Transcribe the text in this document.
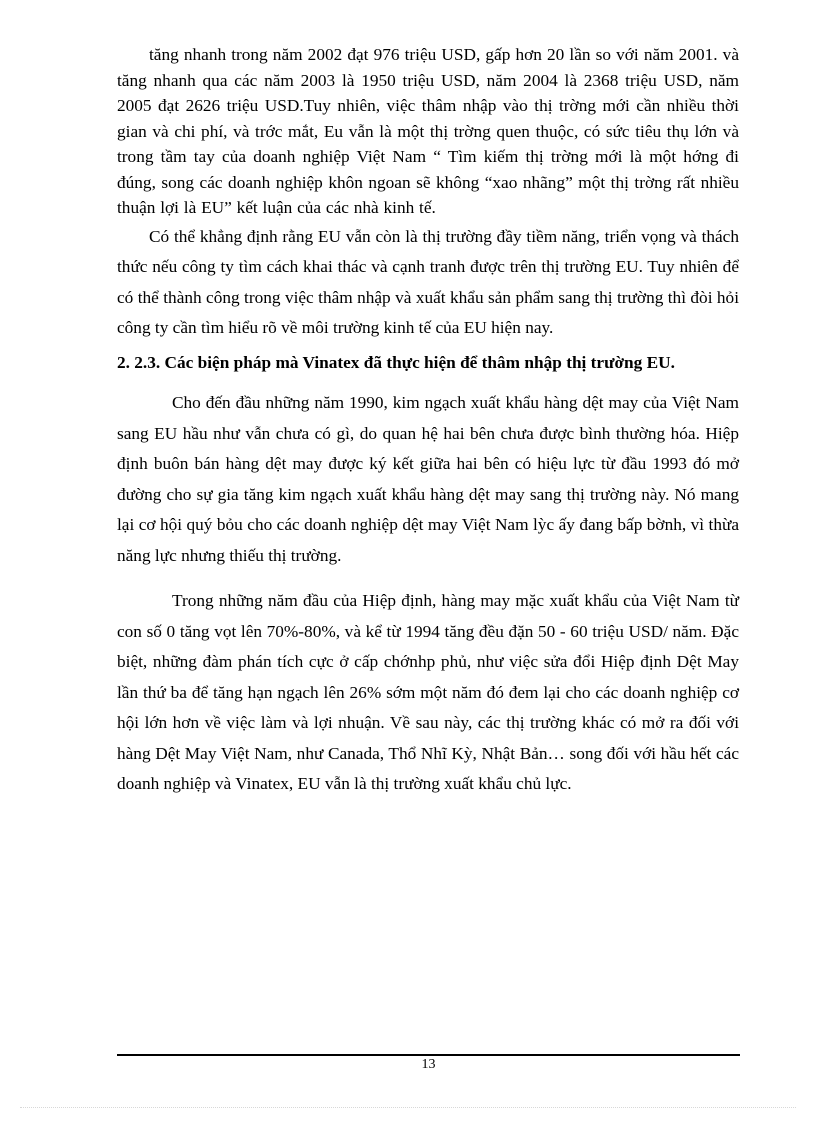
tăng nhanh trong năm 2002 đạt 976 triệu USD, gấp hơn 20 lần so với năm 2001. và tăng nhanh qua các năm 2003 là 1950 triệu USD, năm 2004 là 2368 triệu USD, năm 2005 đạt 2626 triệu USD.Tuy nhiên, việc thâm nhập vào thị trờng mới cần nhiều thời gian và chi phí, và trớc mắt, Eu vẫn là một thị trờng quen thuộc, có sức tiêu thụ lớn và trong tầm tay của doanh nghiệp Việt Nam “ Tìm kiếm thị trờng mới là một hớng đi đúng, song các doanh nghiệp khôn ngoan sẽ không “xao nhãng” một thị trờng rất nhiều thuận lợi là EU” kết luận của các nhà kinh tế.

Có thể khẳng định rằng EU vẫn còn là thị trường đầy tiềm năng, triển vọng và thách thức nếu công ty tìm cách khai thác và cạnh tranh được trên thị trường EU. Tuy nhiên để có thể thành công trong việc thâm nhập và xuất khẩu sản phẩm sang thị trường thì đòi hỏi công ty cần tìm hiểu rõ về môi trường kinh tế của EU hiện nay.

2. 2.3. Các biện pháp mà Vinatex đã thực hiện để thâm nhập thị trường EU.

Cho đến đầu những năm 1990, kim ngạch xuất khẩu hàng dệt may của Việt Nam sang EU hầu như vẫn chưa có gì, do quan hệ hai bên chưa được bình thường hóa. Hiệp định buôn bán hàng dệt may được ký kết giữa hai bên có hiệu lực từ đầu 1993 đó mở đường cho sự gia tăng kim ngạch xuất khẩu hàng dệt may sang thị trường này. Nó mang lại cơ hội quý bỏu cho các doanh nghiệp dệt may Việt Nam lỳc ấy đang bấp bờnh, vì thừa năng lực nhưng thiếu thị trường.

Trong những năm đầu của Hiệp định, hàng may mặc xuất khẩu của Việt Nam từ con số 0 tăng vọt lên 70%-80%, và kể từ 1994 tăng đều đặn 50 - 60 triệu USD/ năm. Đặc biệt, những đàm phán tích cực ở cấp chớnhp phủ, như việc sửa đổi Hiệp định Dệt May lần thứ ba để tăng hạn ngạch lên 26% sớm một năm đó đem lại cho các doanh nghiệp cơ hội lớn hơn về việc làm và lợi nhuận. Về sau này, các thị trường khác có mở ra đối với hàng Dệt May Việt Nam, như Canada, Thổ Nhĩ Kỳ, Nhật Bản… song đối với hầu hết các doanh nghiệp và Vinatex, EU vẫn là thị trường xuất khẩu chủ lực.

13
